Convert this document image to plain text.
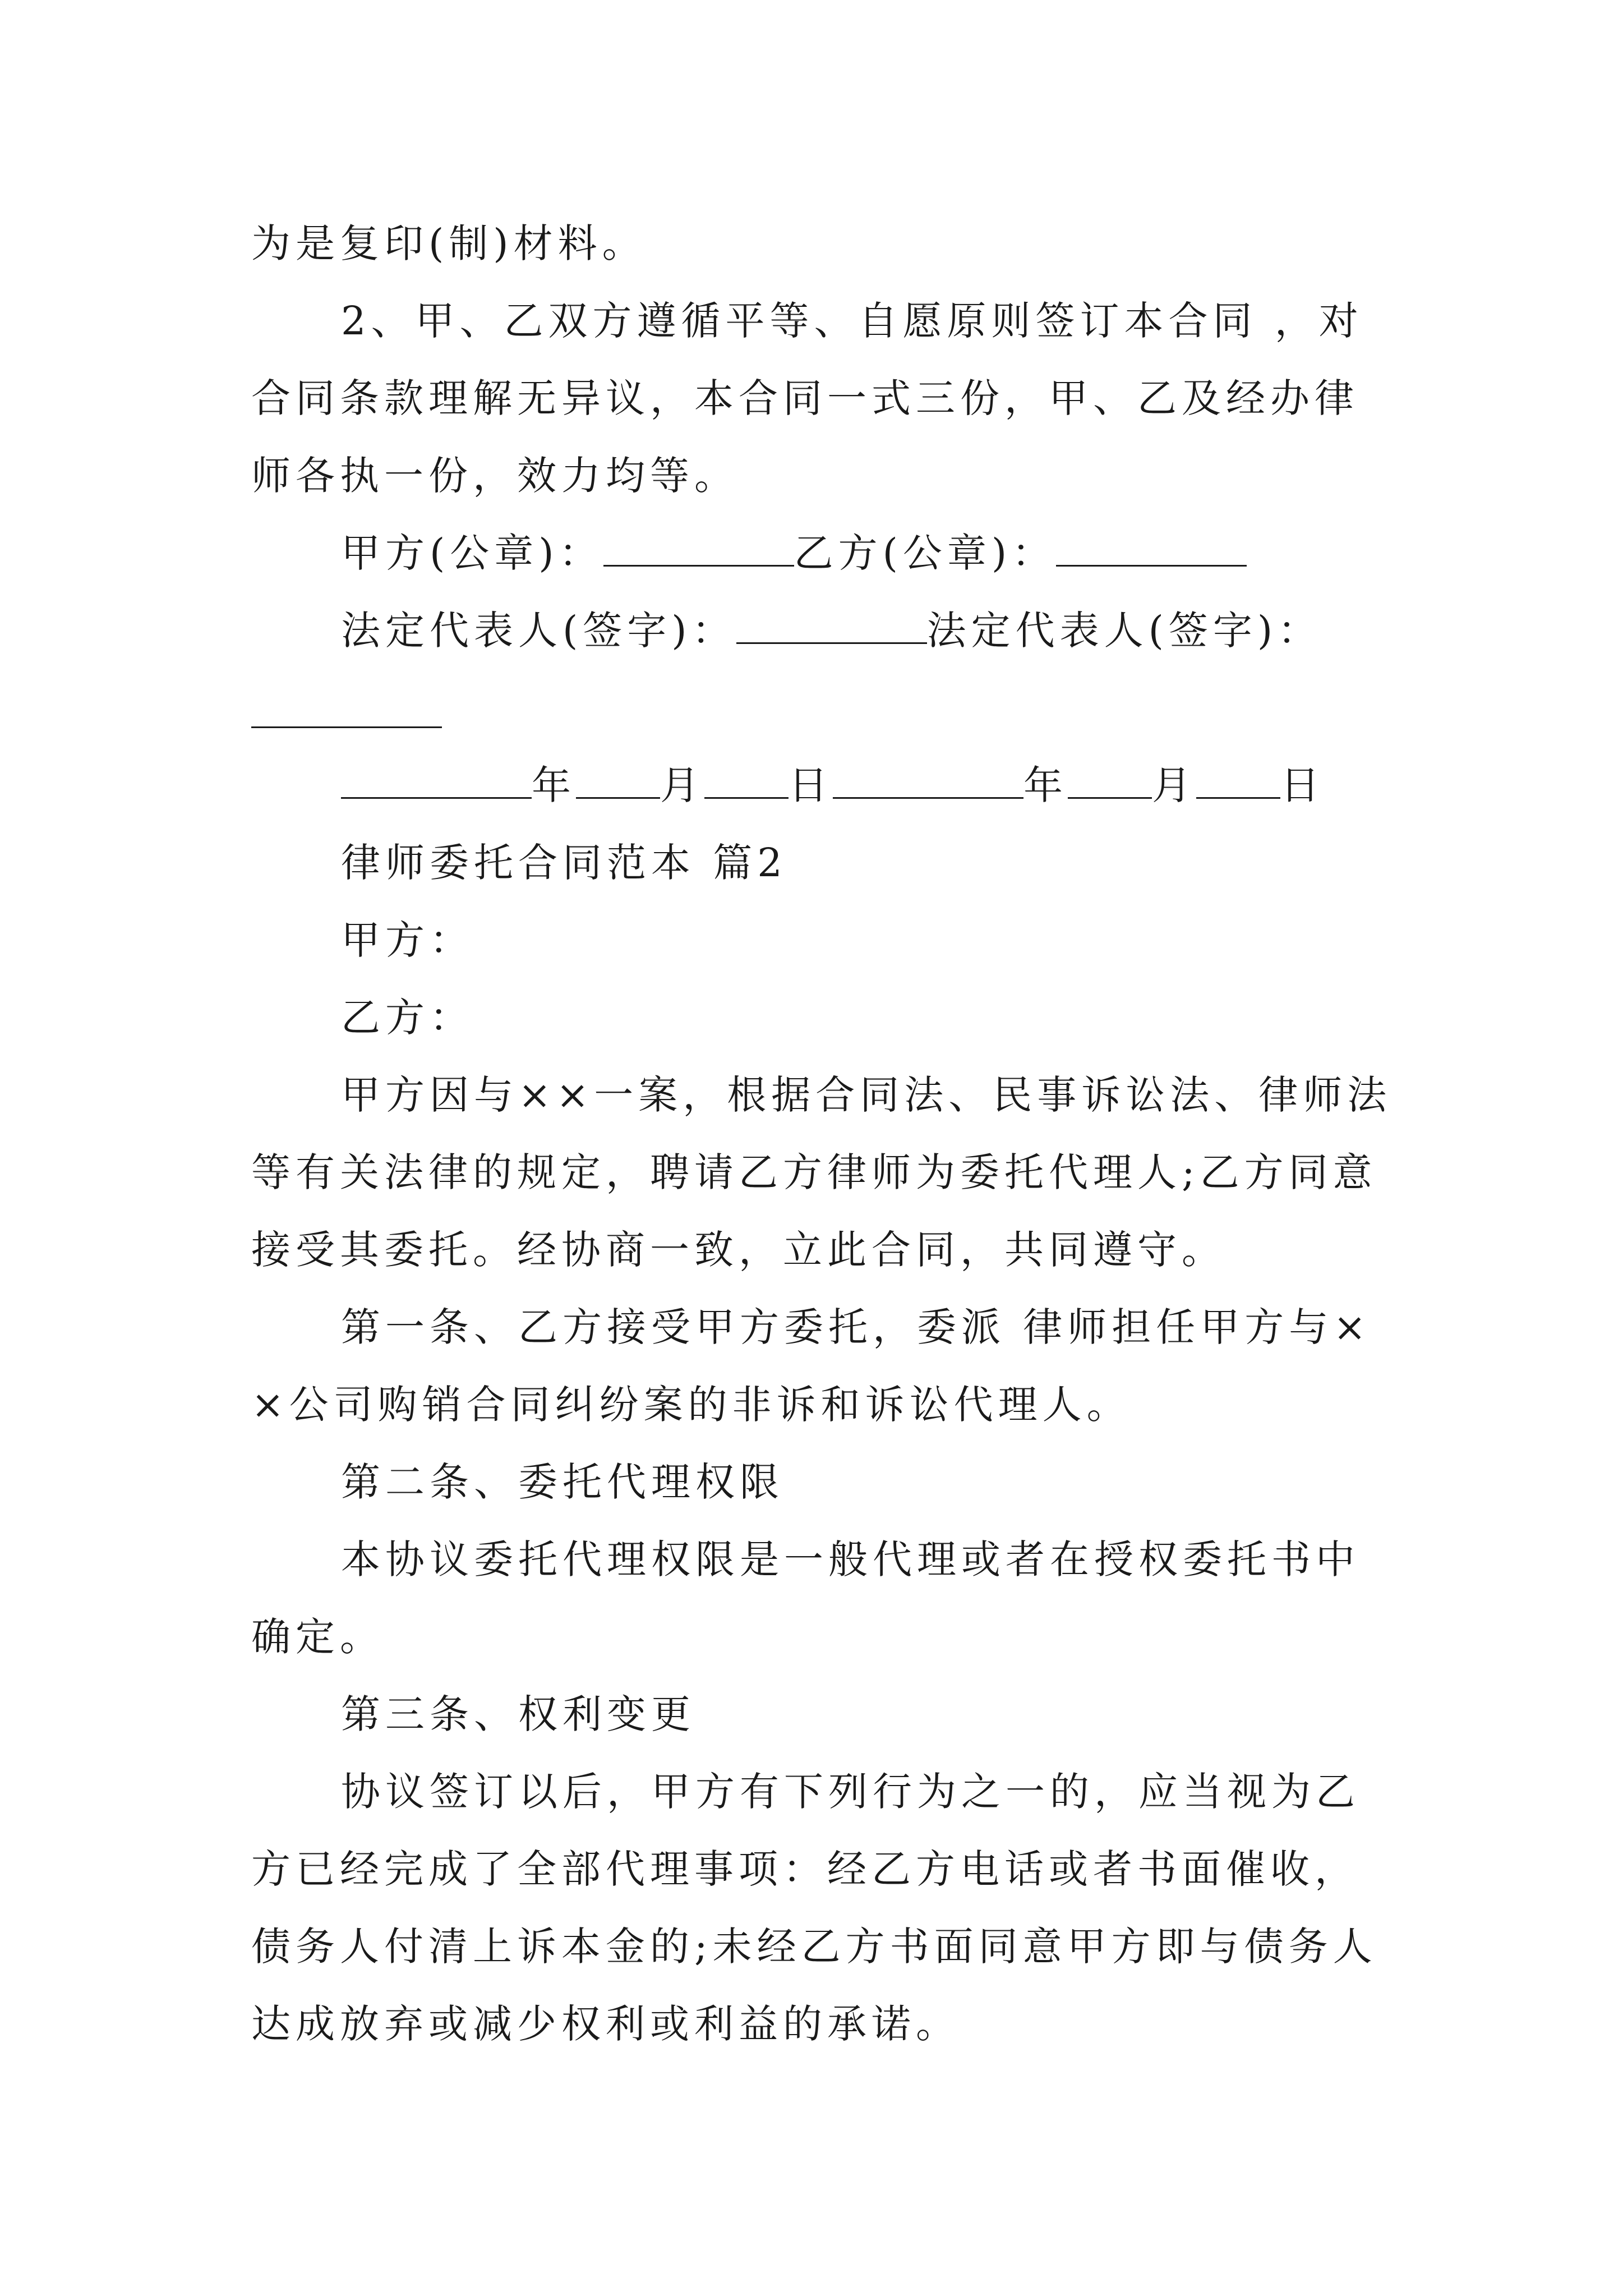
为是复印(制)材料。

2、甲、乙双方遵循平等、自愿原则签订本合同 ，对合同条款理解无异议，本合同一式三份，甲、乙及经办律师各执一份，效力均等。

甲方(公章)：	乙方(公章)：

法定代表人(签字)：	法定代表人(签字)：

年 月 日	年 月 日

律师委托合同范本 篇2

甲方：

乙方：

甲方因与××一案，根据合同法、民事诉讼法、律师法等有关法律的规定，聘请乙方律师为委托代理人;乙方同意接受其委托。经协商一致，立此合同，共同遵守。

第一条、乙方接受甲方委托，委派 律师担任甲方与××公司购销合同纠纷案的非诉和诉讼代理人。

第二条、委托代理权限

本协议委托代理权限是一般代理或者在授权委托书中确定。

第三条、权利变更

协议签订以后，甲方有下列行为之一的，应当视为乙方已经完成了全部代理事项：经乙方电话或者书面催收，债务人付清上诉本金的;未经乙方书面同意甲方即与债务人达成放弃或减少权利或利益的承诺。
